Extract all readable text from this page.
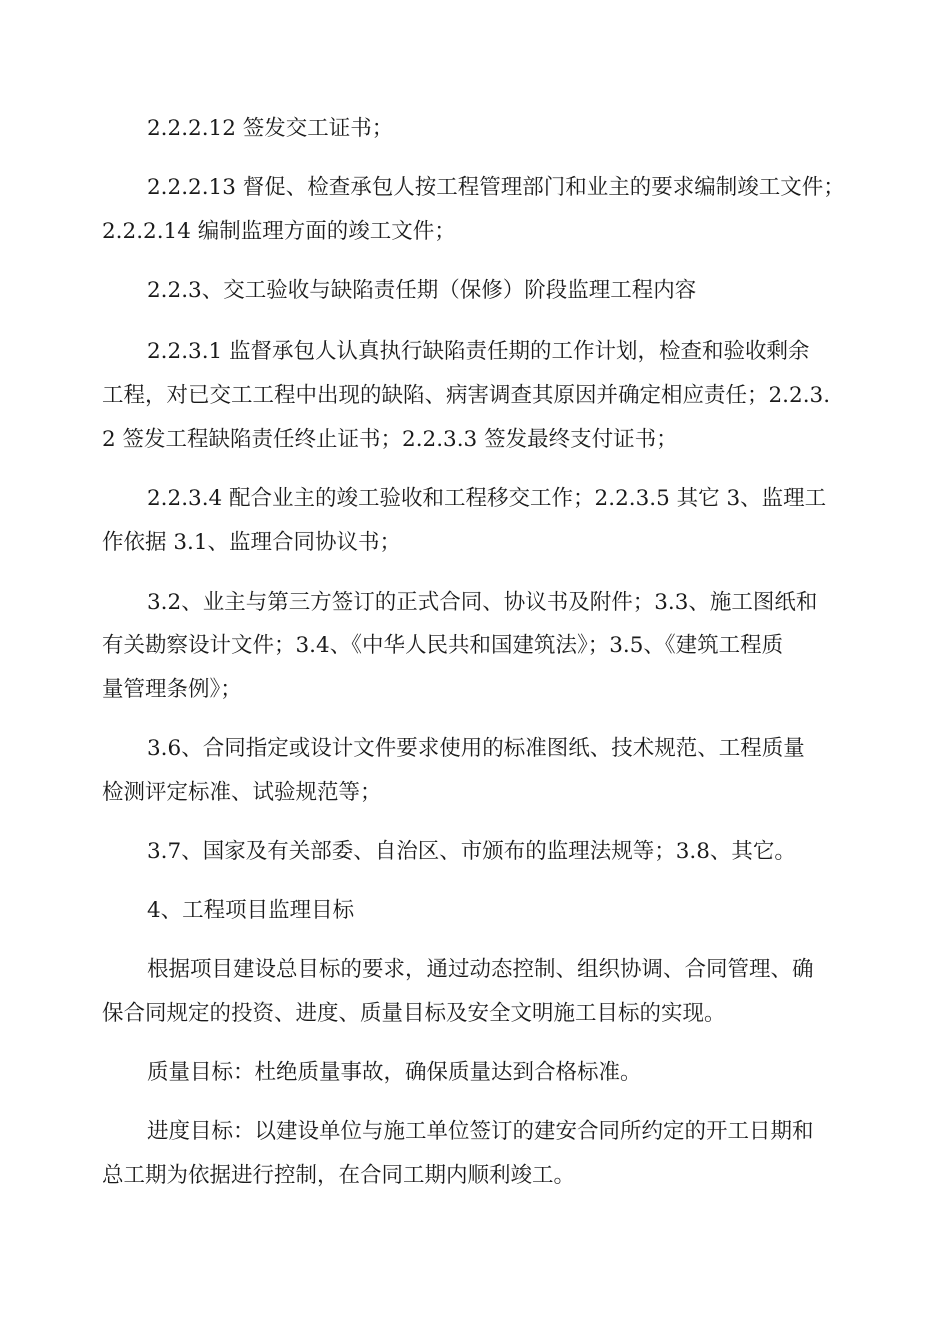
2.2.2.12 签发交工证书；
2.2.2.13 督促、检查承包人按工程管理部门和业主的要求编制竣工文件；
2.2.2.14 编制监理方面的竣工文件；
2.2.3、交工验收与缺陷责任期（保修）阶段监理工程内容
2.2.3.1 监督承包人认真执行缺陷责任期的工作计划，检查和验收剩余
工程，对已交工工程中出现的缺陷、病害调查其原因并确定相应责任；2.2.3.
2 签发工程缺陷责任终止证书；2.2.3.3 签发最终支付证书；
2.2.3.4 配合业主的竣工验收和工程移交工作；2.2.3.5 其它 3、监理工
作依据 3.1、监理合同协议书；
3.2、业主与第三方签订的正式合同、协议书及附件；3.3、施工图纸和
有关勘察设计文件；3.4、《中华人民共和国建筑法》；3.5、《建筑工程质
量管理条例》；
3.6、合同指定或设计文件要求使用的标准图纸、技术规范、工程质量
检测评定标准、试验规范等；
3.7、国家及有关部委、自治区、市颁布的监理法规等；3.8、其它。
4、工程项目监理目标
根据项目建设总目标的要求，通过动态控制、组织协调、合同管理、确
保合同规定的投资、进度、质量目标及安全文明施工目标的实现。
质量目标：杜绝质量事故，确保质量达到合格标准。
进度目标：以建设单位与施工单位签订的建安合同所约定的开工日期和
总工期为依据进行控制，在合同工期内顺利竣工。
